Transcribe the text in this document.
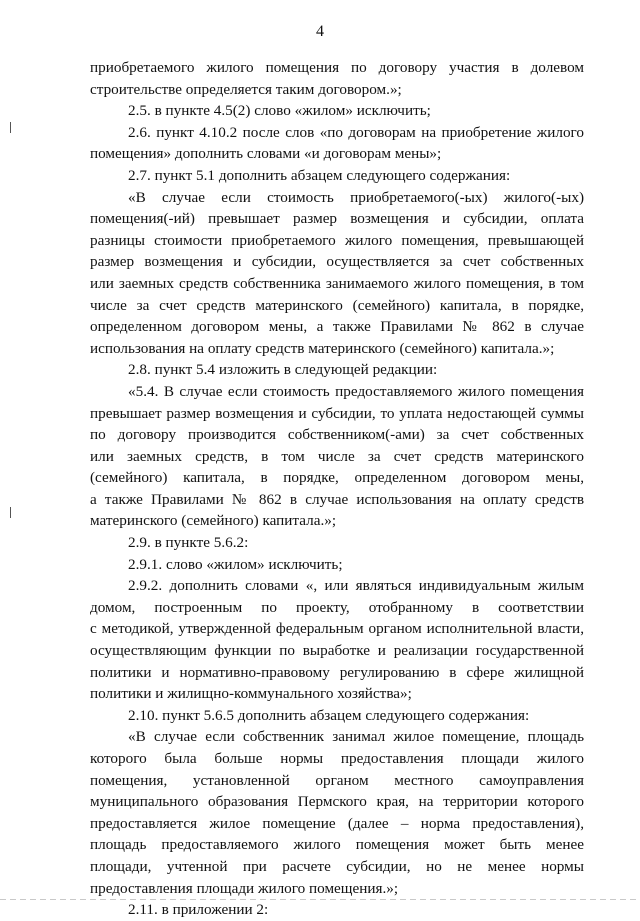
4
приобретаемого жилого помещения по договору участия в долевом
строительстве определяется таким договором.»;
2.5. в пункте 4.5(2) слово «жилом» исключить;
2.6. пункт 4.10.2 после слов «по договорам на приобретение жилого
помещения» дополнить словами «и договорам мены»;
2.7. пункт 5.1 дополнить абзацем следующего содержания:
«В случае если стоимость приобретаемого(-ых) жилого(-ых)
помещения(-ий) превышает размер возмещения и субсидии, оплата
разницы стоимости приобретаемого жилого помещения, превышающей
размер возмещения и субсидии, осуществляется за счет собственных
или заемных средств собственника занимаемого жилого помещения, в том
числе за счет средств материнского (семейного) капитала, в порядке,
определенном договором мены, а также Правилами № 862 в случае
использования на оплату средств материнского (семейного) капитала.»;
2.8. пункт 5.4 изложить в следующей редакции:
«5.4. В случае если стоимость предоставляемого жилого помещения
превышает размер возмещения и субсидии, то уплата недостающей суммы
по договору производится собственником(-ами) за счет собственных
или заемных средств, в том числе за счет средств материнского
(семейного) капитала, в порядке, определенном договором мены,
а также Правилами № 862 в случае использования на оплату средств
материнского (семейного) капитала.»;
2.9. в пункте 5.6.2:
2.9.1. слово «жилом» исключить;
2.9.2. дополнить словами «, или являться индивидуальным жилым
домом, построенным по проекту, отобранному в соответствии
с методикой, утвержденной федеральным органом исполнительной власти,
осуществляющим функции по выработке и реализации государственной
политики и нормативно-правовому регулированию в сфере жилищной
политики и жилищно-коммунального хозяйства»;
2.10. пункт 5.6.5 дополнить абзацем следующего содержания:
«В случае если собственник занимал жилое помещение, площадь
которого была больше нормы предоставления площади жилого
помещения, установленной органом местного самоуправления
муниципального образования Пермского края, на территории которого
предоставляется жилое помещение (далее – норма предоставления),
площадь предоставляемого жилого помещения может быть менее
площади, учтенной при расчете субсидии, но не менее нормы
предоставления площади жилого помещения.»;
2.11. в приложении 2:
